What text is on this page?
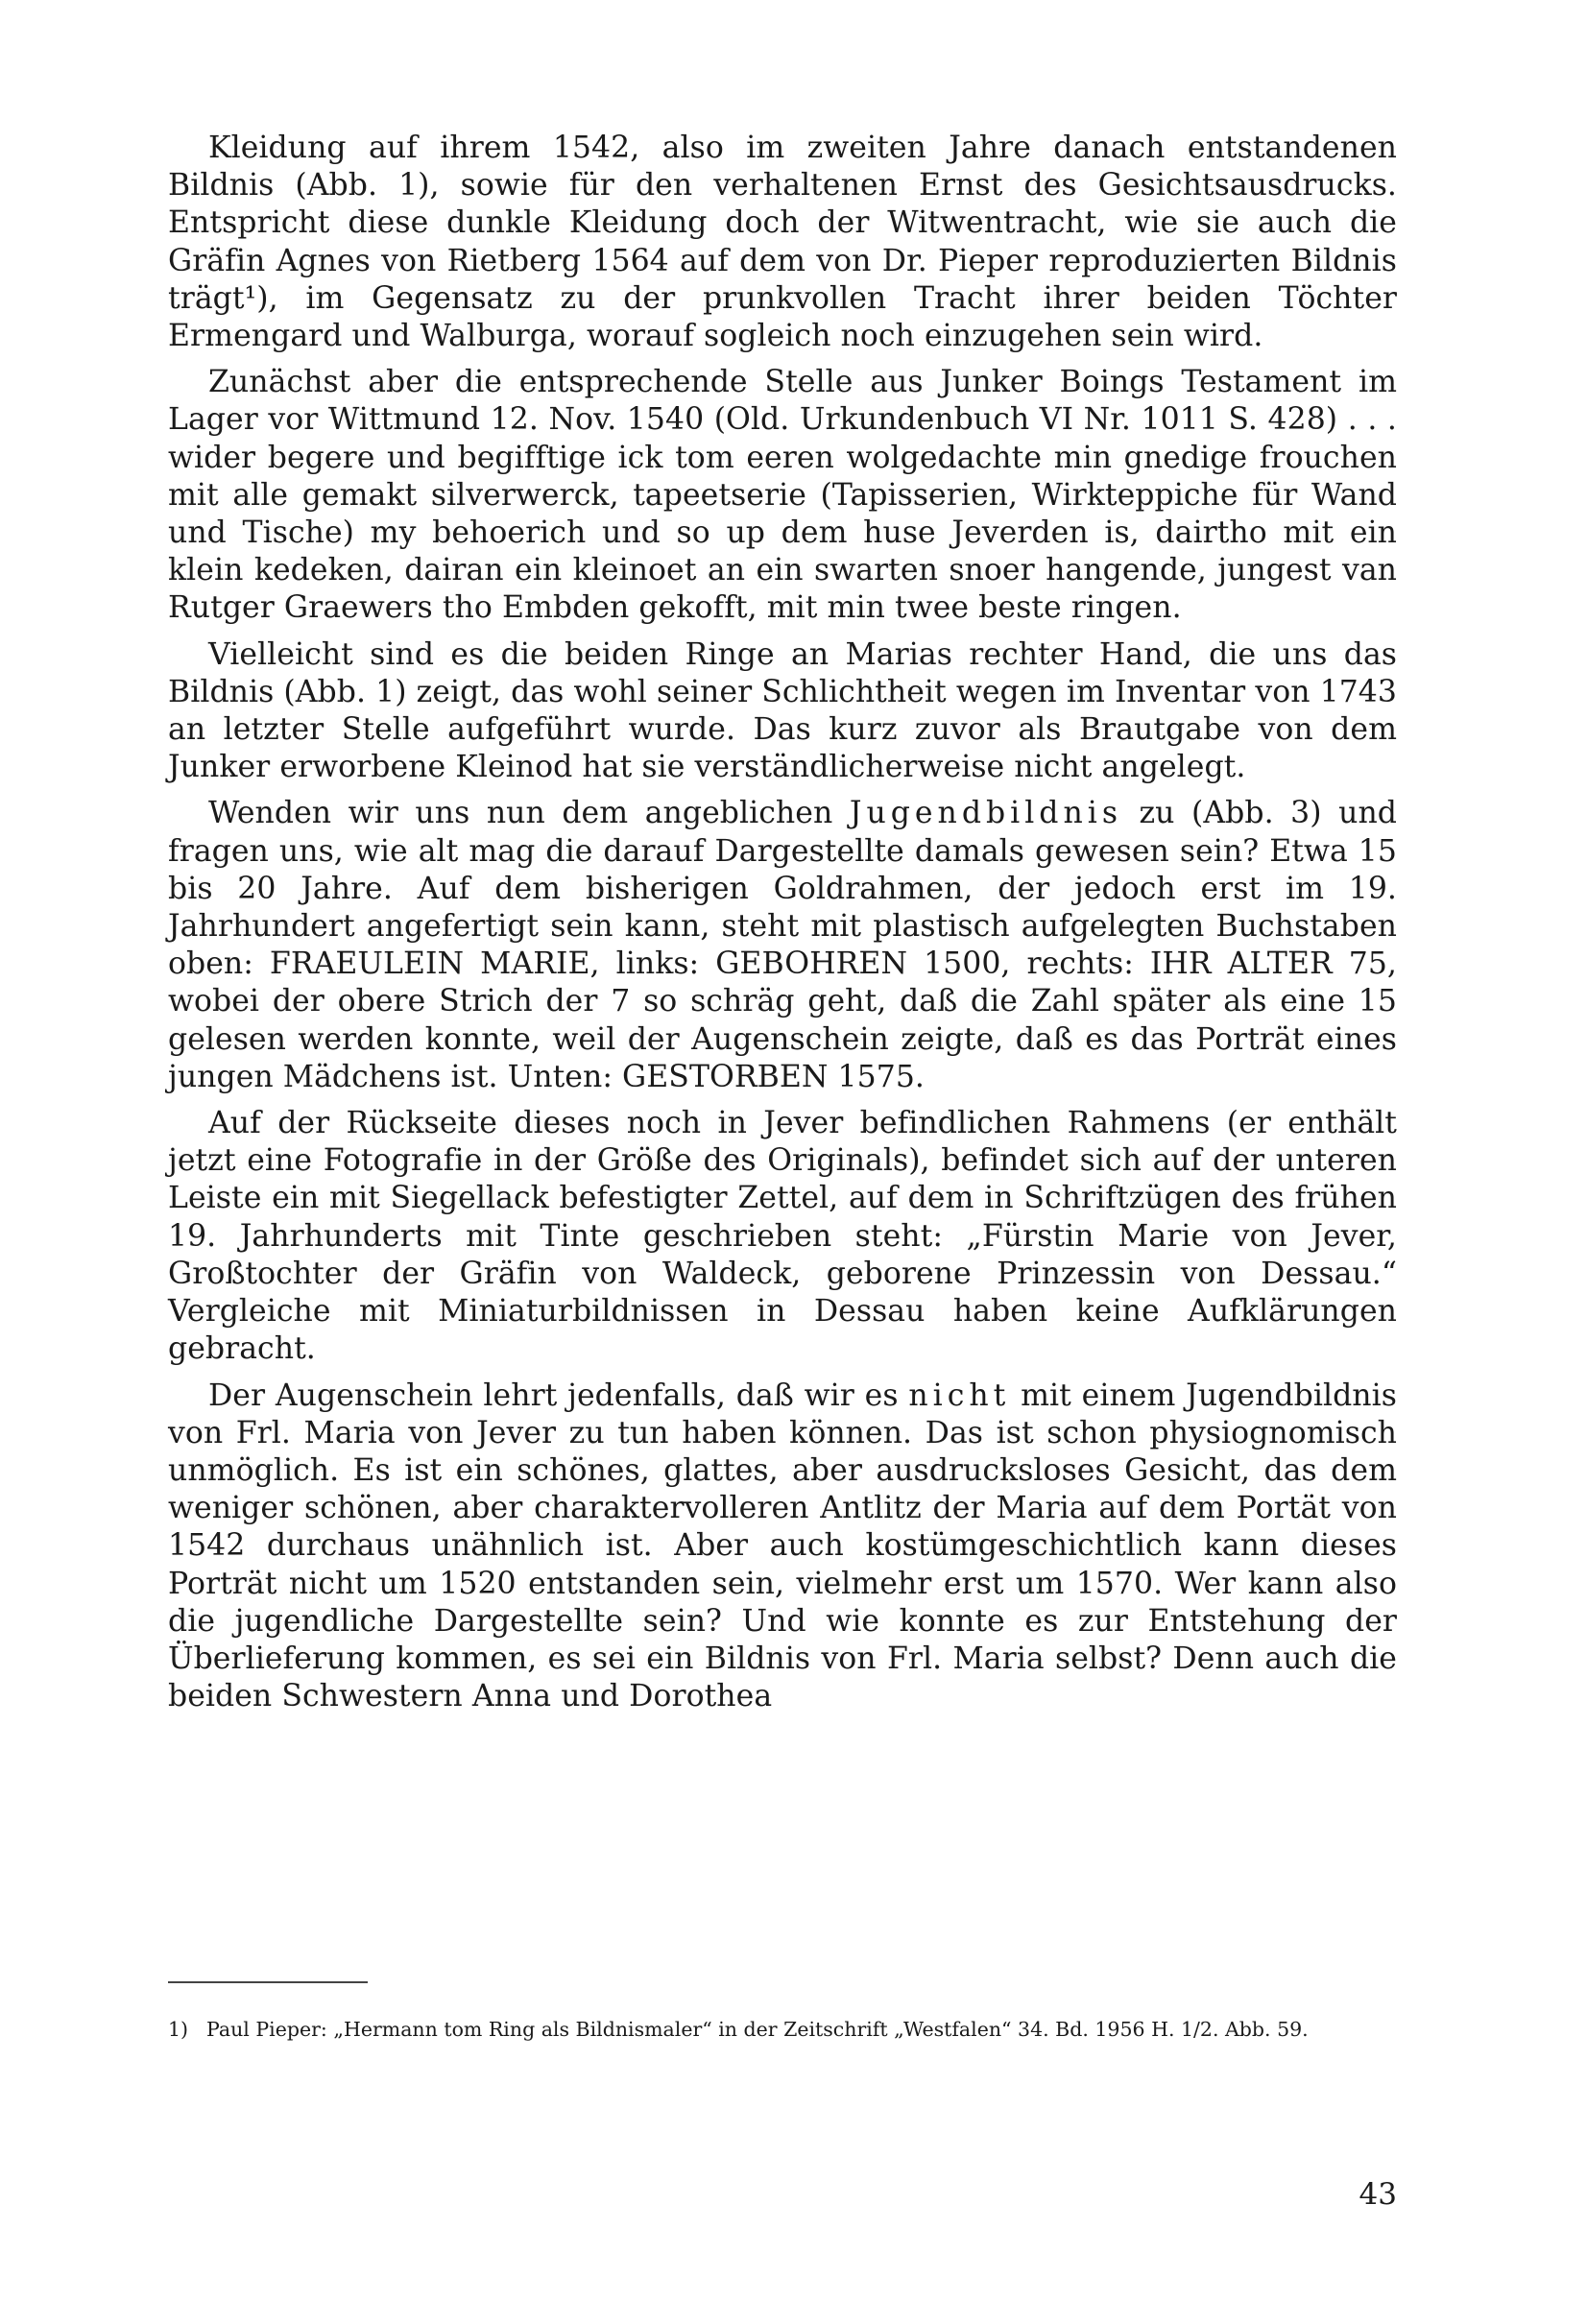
Kleidung auf ihrem 1542, also im zweiten Jahre danach entstandenen Bildnis (Abb. 1), sowie für den verhaltenen Ernst des Gesichtsausdrucks. Entspricht diese dunkle Kleidung doch der Witwentracht, wie sie auch die Gräfin Agnes von Rietberg 1564 auf dem von Dr. Pieper reproduzierten Bildnis trägt¹), im Gegensatz zu der prunkvollen Tracht ihrer beiden Töchter Ermengard und Walburga, worauf sogleich noch einzugehen sein wird.

Zunächst aber die entsprechende Stelle aus Junker Boings Testament im Lager vor Wittmund 12. Nov. 1540 (Old. Urkundenbuch VI Nr. 1011 S. 428) . . . wider begere und begifftige ick tom eeren wolgedachte min gnedige frouchen mit alle gemakt silverwerck, tapeetserie (Tapisserien, Wirkteppiche für Wand und Tische) my behoerich und so up dem huse Jeverden is, dairtho mit ein klein kedeken, dairan ein kleinoet an ein swarten snoer hangende, jungest van Rutger Graewers tho Embden gekofft, mit min twee beste ringen.

Vielleicht sind es die beiden Ringe an Marias rechter Hand, die uns das Bildnis (Abb. 1) zeigt, das wohl seiner Schlichtheit wegen im Inventar von 1743 an letzter Stelle aufgeführt wurde. Das kurz zuvor als Brautgabe von dem Junker erworbene Kleinod hat sie verständlicherweise nicht angelegt.

Wenden wir uns nun dem angeblichen Jugendbildnis zu (Abb. 3) und fragen uns, wie alt mag die darauf Dargestellte damals gewesen sein? Etwa 15 bis 20 Jahre. Auf dem bisherigen Goldrahmen, der jedoch erst im 19. Jahrhundert angefertigt sein kann, steht mit plastisch aufgelegten Buchstaben oben: FRAEULEIN MARIE, links: GEBOHREN 1500, rechts: IHR ALTER 75, wobei der obere Strich der 7 so schräg geht, daß die Zahl später als eine 15 gelesen werden konnte, weil der Augenschein zeigte, daß es das Porträt eines jungen Mädchens ist. Unten: GESTORBEN 1575.

Auf der Rückseite dieses noch in Jever befindlichen Rahmens (er enthält jetzt eine Fotografie in der Größe des Originals), befindet sich auf der unteren Leiste ein mit Siegellack befestigter Zettel, auf dem in Schriftzügen des frühen 19. Jahrhunderts mit Tinte geschrieben steht: „Fürstin Marie von Jever, Großtochter der Gräfin von Waldeck, geborene Prinzessin von Dessau.“ Vergleiche mit Miniaturbildnissen in Dessau haben keine Aufklärungen gebracht.

Der Augenschein lehrt jedenfalls, daß wir es nicht mit einem Jugendbildnis von Frl. Maria von Jever zu tun haben können. Das ist schon physiognomisch unmöglich. Es ist ein schönes, glattes, aber ausdrucksloses Gesicht, das dem weniger schönen, aber charaktervolleren Antlitz der Maria auf dem Portät von 1542 durchaus unähnlich ist. Aber auch kostümgeschichtlich kann dieses Porträt nicht um 1520 entstanden sein, vielmehr erst um 1570. Wer kann also die jugendliche Dargestellte sein? Und wie konnte es zur Entstehung der Überlieferung kommen, es sei ein Bildnis von Frl. Maria selbst? Denn auch die beiden Schwestern Anna und Dorothea

1) Paul Pieper: „Hermann tom Ring als Bildnismaler“ in der Zeitschrift „Westfalen“ 34. Bd. 1956 H. 1/2. Abb. 59.

43
